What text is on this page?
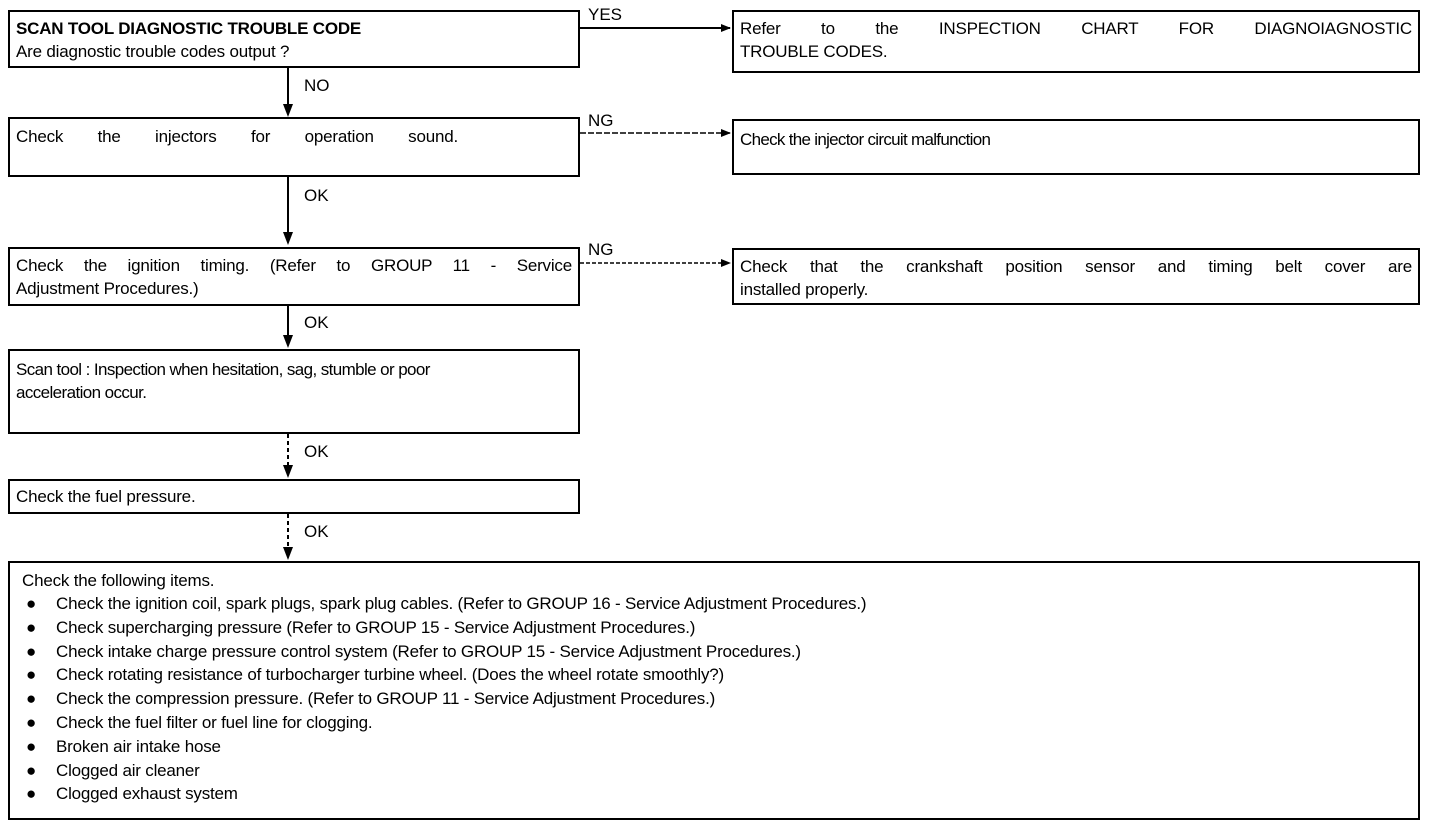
SCAN TOOL DIAGNOSTIC TROUBLE CODE
Are diagnostic trouble codes output ?
YES
Refer to the INSPECTION CHART FOR DIAGNOIAGNOSTIC
TROUBLE CODES.
NO
Check the injectors for operation sound.
NG
Check the injector circuit malfunction
OK
Check the ignition timing. (Refer to GROUP 11 - Service
Adjustment Procedures.)
NG
Check that the crankshaft position sensor and timing belt cover are
installed properly.
OK
Scan tool : Inspection when hesitation, sag, stumble or poor
acceleration occur.
OK
Check the fuel pressure.
OK
Check the following items.
● Check the ignition coil, spark plugs, spark plug cables. (Refer to GROUP 16 - Service Adjustment Procedures.)
● Check supercharging pressure (Refer to GROUP 15 - Service Adjustment Procedures.)
● Check intake charge pressure control system (Refer to GROUP 15 - Service Adjustment Procedures.)
● Check rotating resistance of turbocharger turbine wheel. (Does the wheel rotate smoothly?)
● Check the compression pressure. (Refer to GROUP 11 - Service Adjustment Procedures.)
● Check the fuel filter or fuel line for clogging.
● Broken air intake hose
● Clogged air cleaner
● Clogged exhaust system
